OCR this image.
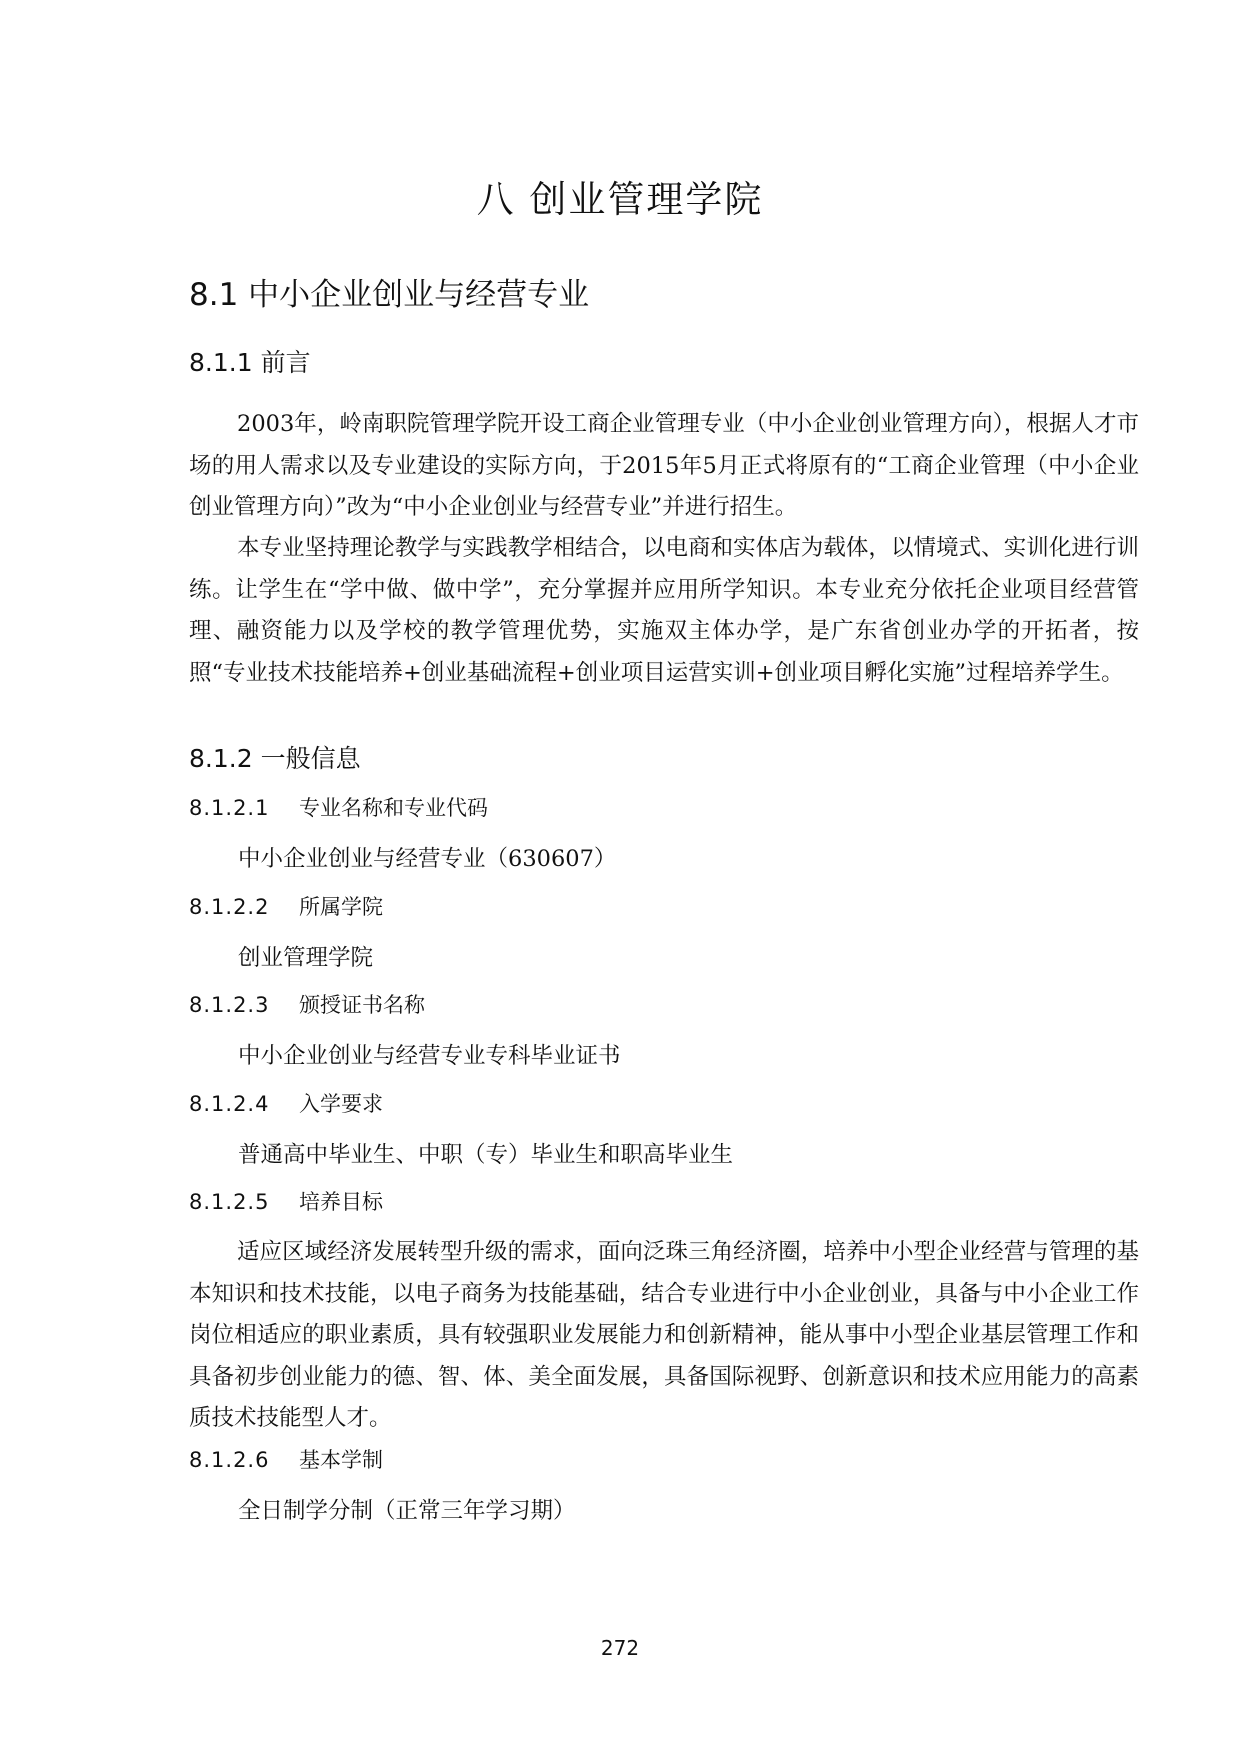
八 创业管理学院
8.1 中小企业创业与经营专业
8.1.1 前言

2003年，岭南职院管理学院开设工商企业管理专业（中小企业创业管理方向），根据人才市场的用人需求以及专业建设的实际方向，于2015年5月正式将原有的“工商企业管理（中小企业创业管理方向）”改为“中小企业创业与经营专业”并进行招生。

本专业坚持理论教学与实践教学相结合，以电商和实体店为载体，以情境式、实训化进行训练。让学生在“学中做、做中学”，充分掌握并应用所学知识。本专业充分依托企业项目经营管理、融资能力以及学校的教学管理优势，实施双主体办学，是广东省创业办学的开拓者，按照“专业技术技能培养+创业基础流程+创业项目运营实训+创业项目孵化实施”过程培养学生。

8.1.2 一般信息
8.1.2.1 专业名称和专业代码
中小企业创业与经营专业（630607）
8.1.2.2 所属学院
创业管理学院
8.1.2.3 颁授证书名称
中小企业创业与经营专业专科毕业证书
8.1.2.4 入学要求
普通高中毕业生、中职（专）毕业生和职高毕业生
8.1.2.5 培养目标

适应区域经济发展转型升级的需求，面向泛珠三角经济圈，培养中小型企业经营与管理的基本知识和技术技能，以电子商务为技能基础，结合专业进行中小企业创业，具备与中小企业工作岗位相适应的职业素质，具有较强职业发展能力和创新精神，能从事中小型企业基层管理工作和具备初步创业能力的德、智、体、美全面发展，具备国际视野、创新意识和技术应用能力的高素质技术技能型人才。

8.1.2.6 基本学制
全日制学分制（正常三年学习期）
272
